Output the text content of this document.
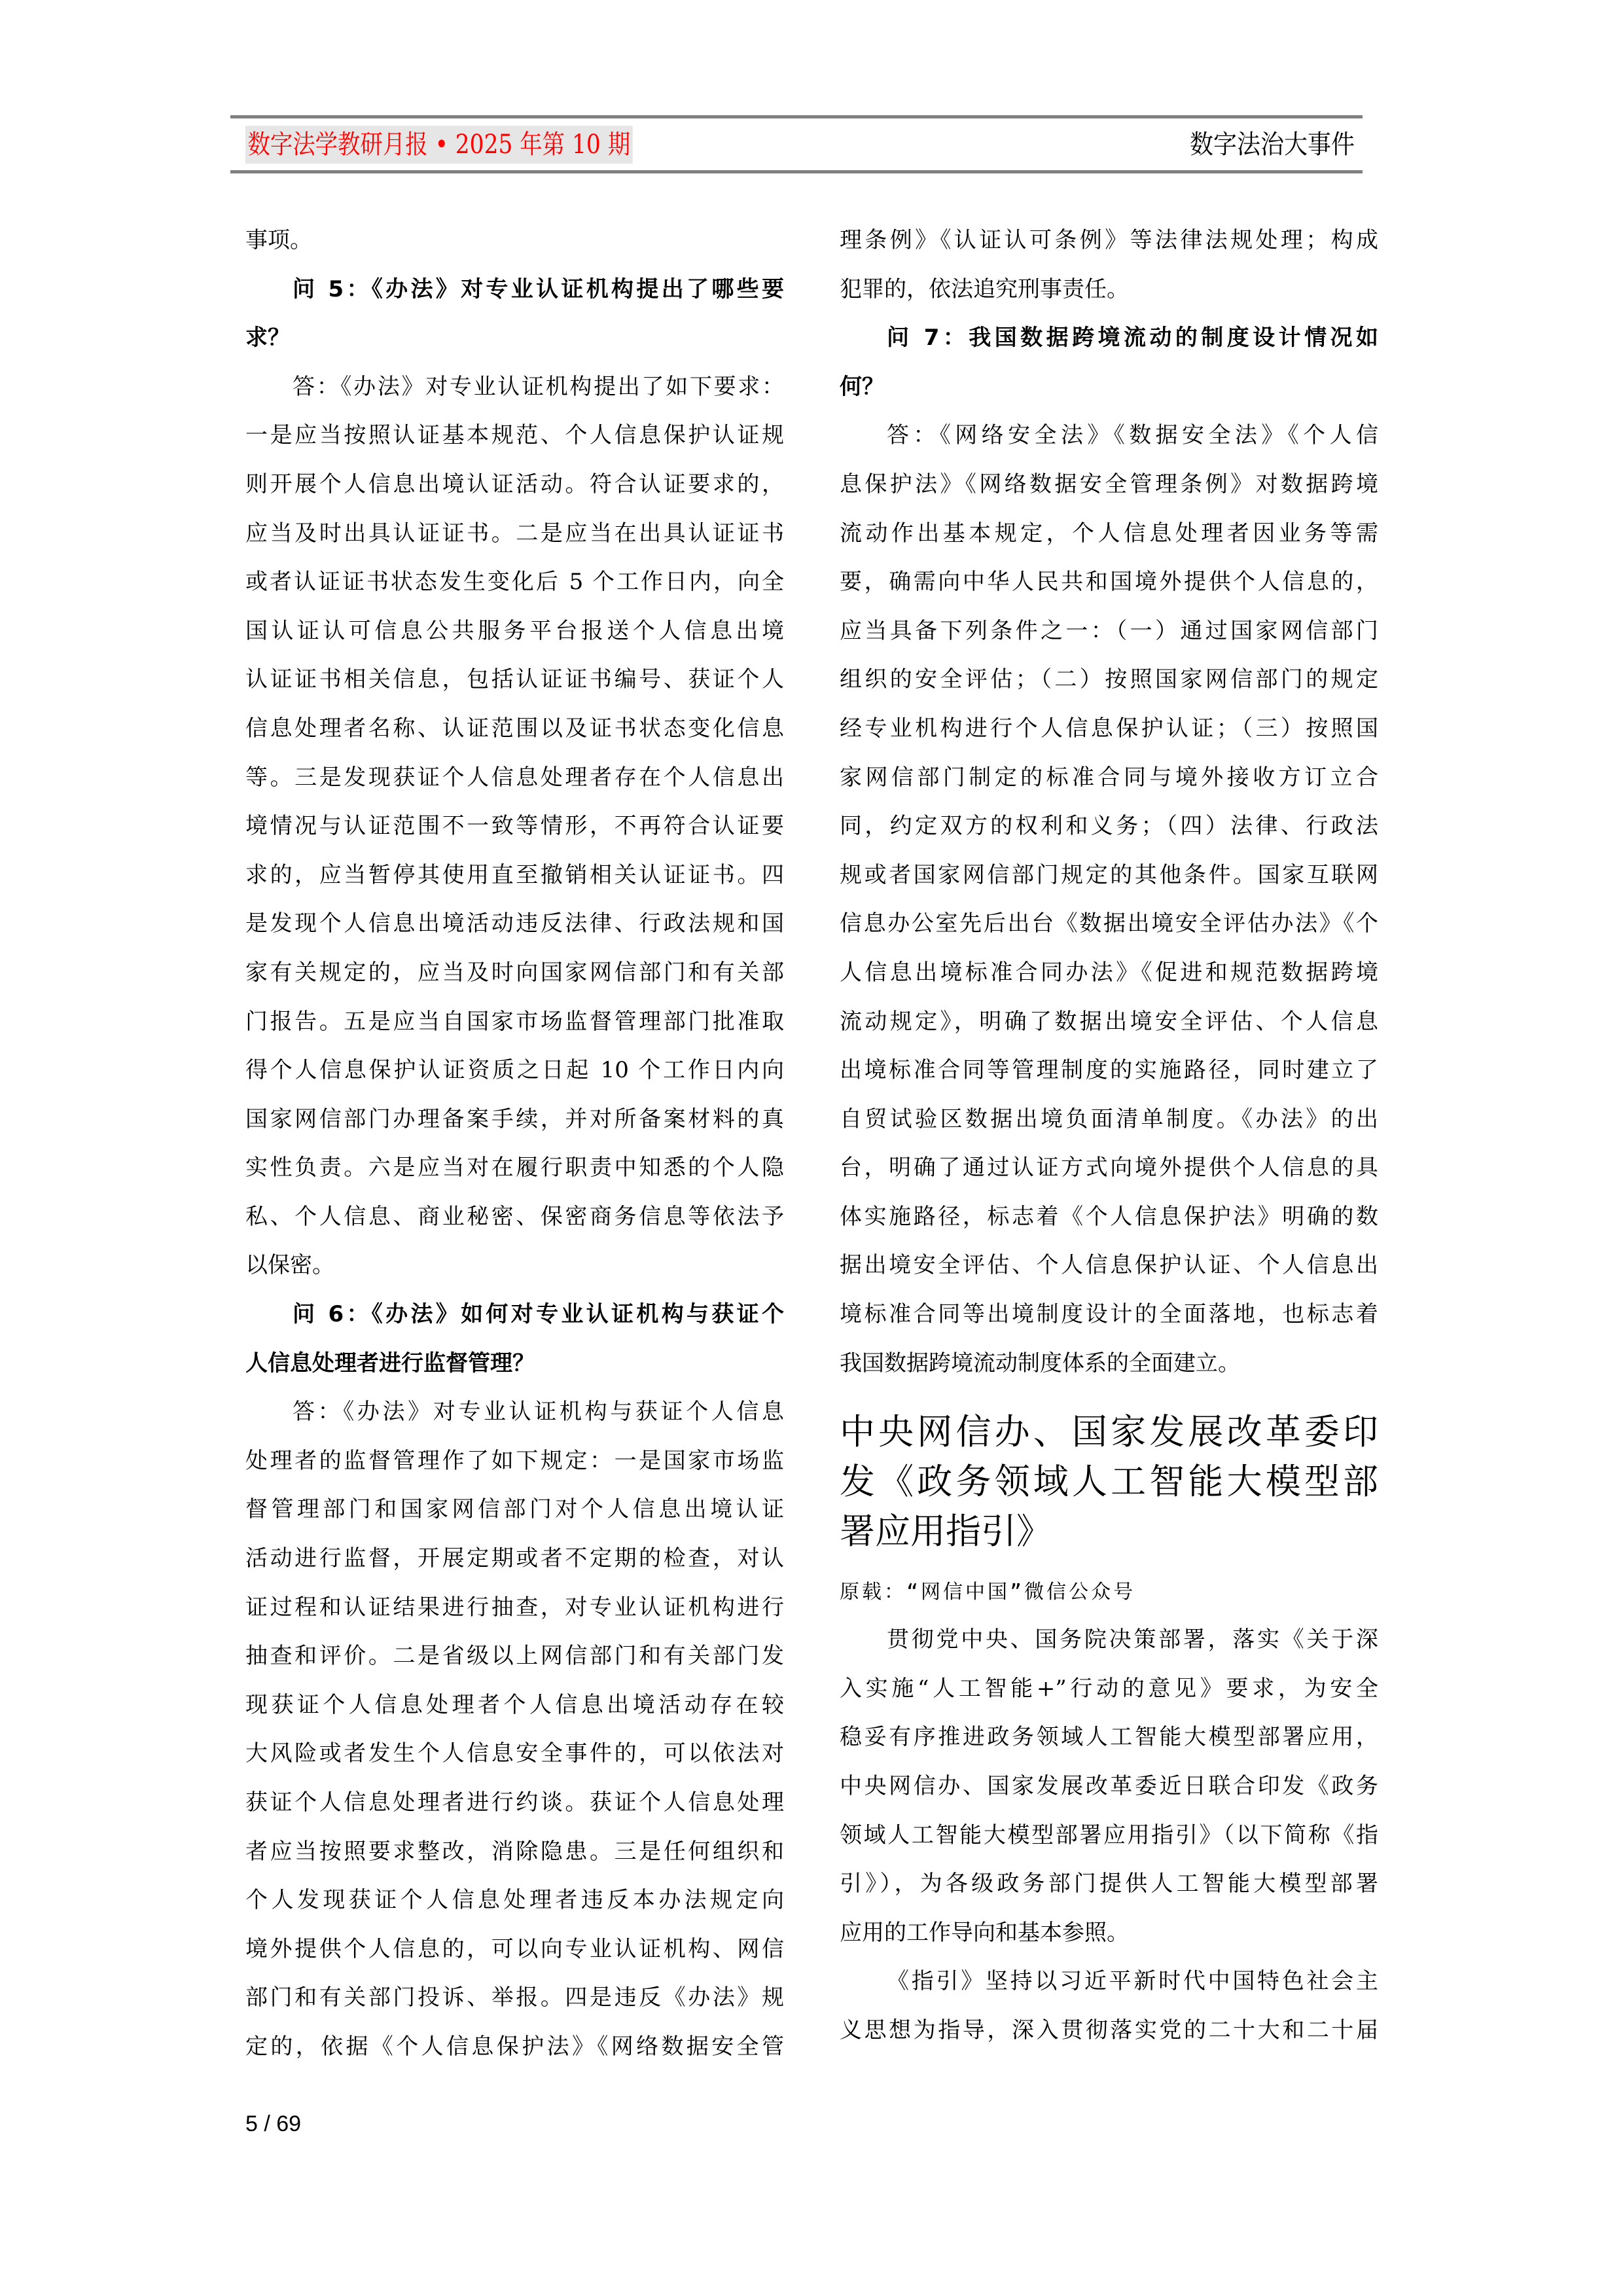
数字法学教研月报 • 2025 年第 10 期	数字法治大事件
事项。
问 5：《办法》对专业认证机构提出了哪些要
求？
答：《办法》对专业认证机构提出了如下要求：
一是应当按照认证基本规范、个人信息保护认证规
则开展个人信息出境认证活动。符合认证要求的，
应当及时出具认证证书。二是应当在出具认证证书
或者认证证书状态发生变化后 5 个工作日内，向全
国认证认可信息公共服务平台报送个人信息出境
认证证书相关信息，包括认证证书编号、获证个人
信息处理者名称、认证范围以及证书状态变化信息
等。三是发现获证个人信息处理者存在个人信息出
境情况与认证范围不一致等情形，不再符合认证要
求的，应当暂停其使用直至撤销相关认证证书。四
是发现个人信息出境活动违反法律、行政法规和国
家有关规定的，应当及时向国家网信部门和有关部
门报告。五是应当自国家市场监督管理部门批准取
得个人信息保护认证资质之日起 10 个工作日内向
国家网信部门办理备案手续，并对所备案材料的真
实性负责。六是应当对在履行职责中知悉的个人隐
私、个人信息、商业秘密、保密商务信息等依法予
以保密。
问 6：《办法》如何对专业认证机构与获证个
人信息处理者进行监督管理？
答：《办法》对专业认证机构与获证个人信息
处理者的监督管理作了如下规定：一是国家市场监
督管理部门和国家网信部门对个人信息出境认证
活动进行监督，开展定期或者不定期的检查，对认
证过程和认证结果进行抽查，对专业认证机构进行
抽查和评价。二是省级以上网信部门和有关部门发
现获证个人信息处理者个人信息出境活动存在较
大风险或者发生个人信息安全事件的，可以依法对
获证个人信息处理者进行约谈。获证个人信息处理
者应当按照要求整改，消除隐患。三是任何组织和
个人发现获证个人信息处理者违反本办法规定向
境外提供个人信息的，可以向专业认证机构、网信
部门和有关部门投诉、举报。四是违反《办法》规
定的，依据《个人信息保护法》《网络数据安全管
理条例》《认证认可条例》等法律法规处理；构成
犯罪的，依法追究刑事责任。
问 7：我国数据跨境流动的制度设计情况如
何？
答：《网络安全法》《数据安全法》《个人信
息保护法》《网络数据安全管理条例》对数据跨境
流动作出基本规定，个人信息处理者因业务等需
要，确需向中华人民共和国境外提供个人信息的，
应当具备下列条件之一：（一）通过国家网信部门
组织的安全评估；（二）按照国家网信部门的规定
经专业机构进行个人信息保护认证；（三）按照国
家网信部门制定的标准合同与境外接收方订立合
同，约定双方的权利和义务；（四）法律、行政法
规或者国家网信部门规定的其他条件。国家互联网
信息办公室先后出台《数据出境安全评估办法》《个
人信息出境标准合同办法》《促进和规范数据跨境
流动规定》，明确了数据出境安全评估、个人信息
出境标准合同等管理制度的实施路径，同时建立了
自贸试验区数据出境负面清单制度。《办法》的出
台，明确了通过认证方式向境外提供个人信息的具
体实施路径，标志着《个人信息保护法》明确的数
据出境安全评估、个人信息保护认证、个人信息出
境标准合同等出境制度设计的全面落地，也标志着
我国数据跨境流动制度体系的全面建立。
中央网信办、国家发展改革委印
发《政务领域人工智能大模型部
署应用指引》
原载：“网信中国”微信公众号
贯彻党中央、国务院决策部署，落实《关于深
入实施“人工智能+”行动的意见》要求，为安全
稳妥有序推进政务领域人工智能大模型部署应用，
中央网信办、国家发展改革委近日联合印发《政务
领域人工智能大模型部署应用指引》（以下简称《指
引》），为各级政务部门提供人工智能大模型部署
应用的工作导向和基本参照。
《指引》坚持以习近平新时代中国特色社会主
义思想为指导，深入贯彻落实党的二十大和二十届
5 / 69
